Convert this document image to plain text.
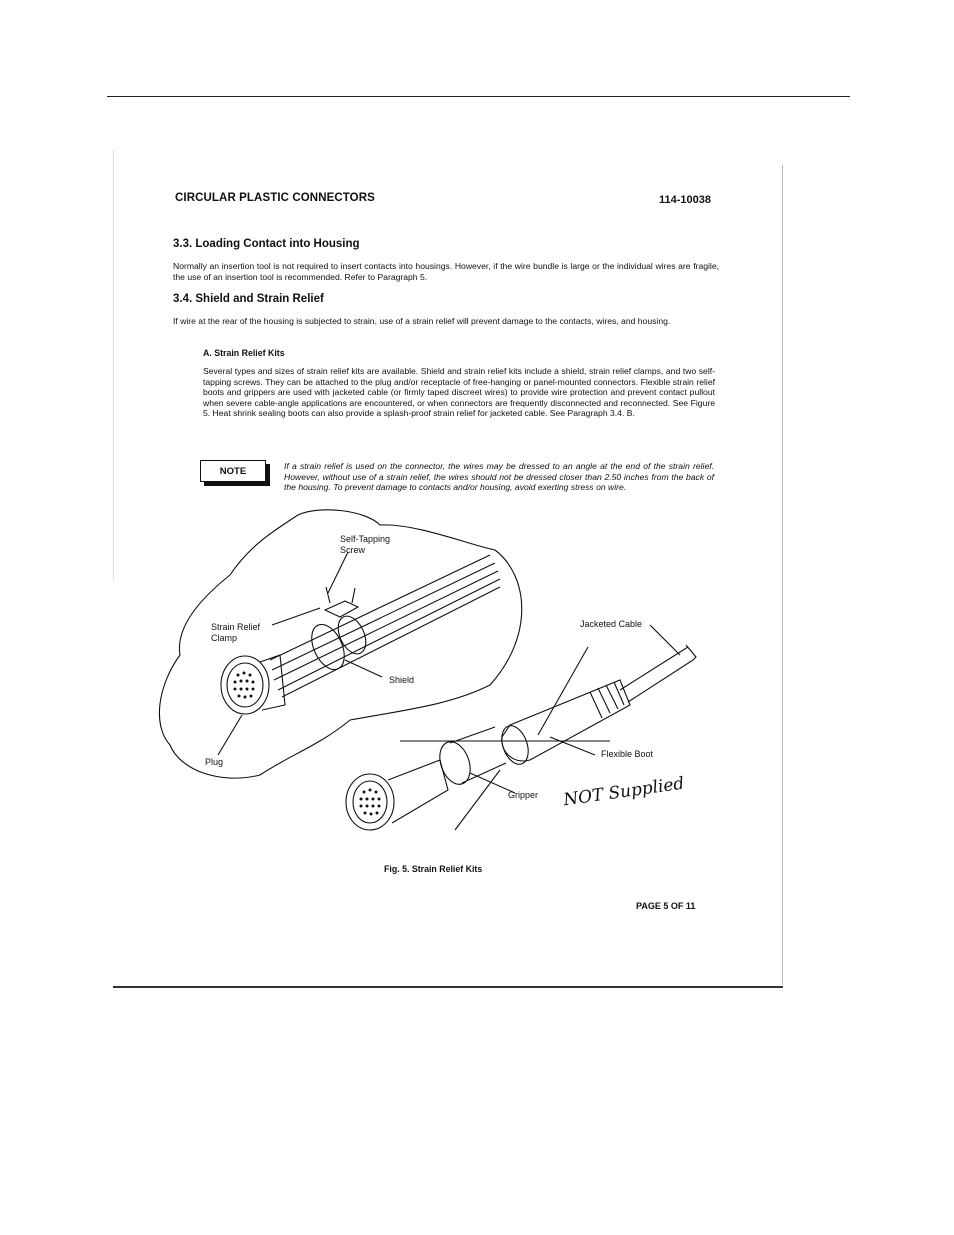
CIRCULAR PLASTIC CONNECTORS	114-10038
3.3. Loading Contact into Housing
Normally an insertion tool is not required to insert contacts into housings. However, if the wire bundle is large or the individual wires are fragile, the use of an insertion tool is recommended. Refer to Paragraph 5.
3.4. Shield and Strain Relief
If wire at the rear of the housing is subjected to strain, use of a strain relief will prevent damage to the contacts, wires, and housing.
A. Strain Relief Kits
Several types and sizes of strain relief kits are available. Shield and strain relief kits include a shield, strain relief clamps, and two self-tapping screws. They can be attached to the plug and/or receptacle of free-hanging or panel-mounted connectors. Flexible strain relief boots and grippers are used with jacketed cable (or firmly taped discreet wires) to provide wire protection and prevent contact pullout when severe cable-angle applications are encountered, or when connectors are frequently disconnected and reconnected. See Figure 5. Heat shrink sealing boots can also provide a splash-proof strain relief for jacketed cable. See Paragraph 3.4. B.
NOTE	If a strain relief is used on the connector, the wires may be dressed to an angle at the end of the strain relief. However, without use of a strain relief, the wires should not be dressed closer than 2.50 inches from the back of the housing. To prevent damage to contacts and/or housing, avoid exerting stress on wire.
Self-Tapping
Screw
Strain Relief
Clamp
Shield
Plug
Jacketed Cable
Flexible Boot
Gripper NOT Supplied
Fig. 5. Strain Relief Kits
PAGE 5 OF 11
